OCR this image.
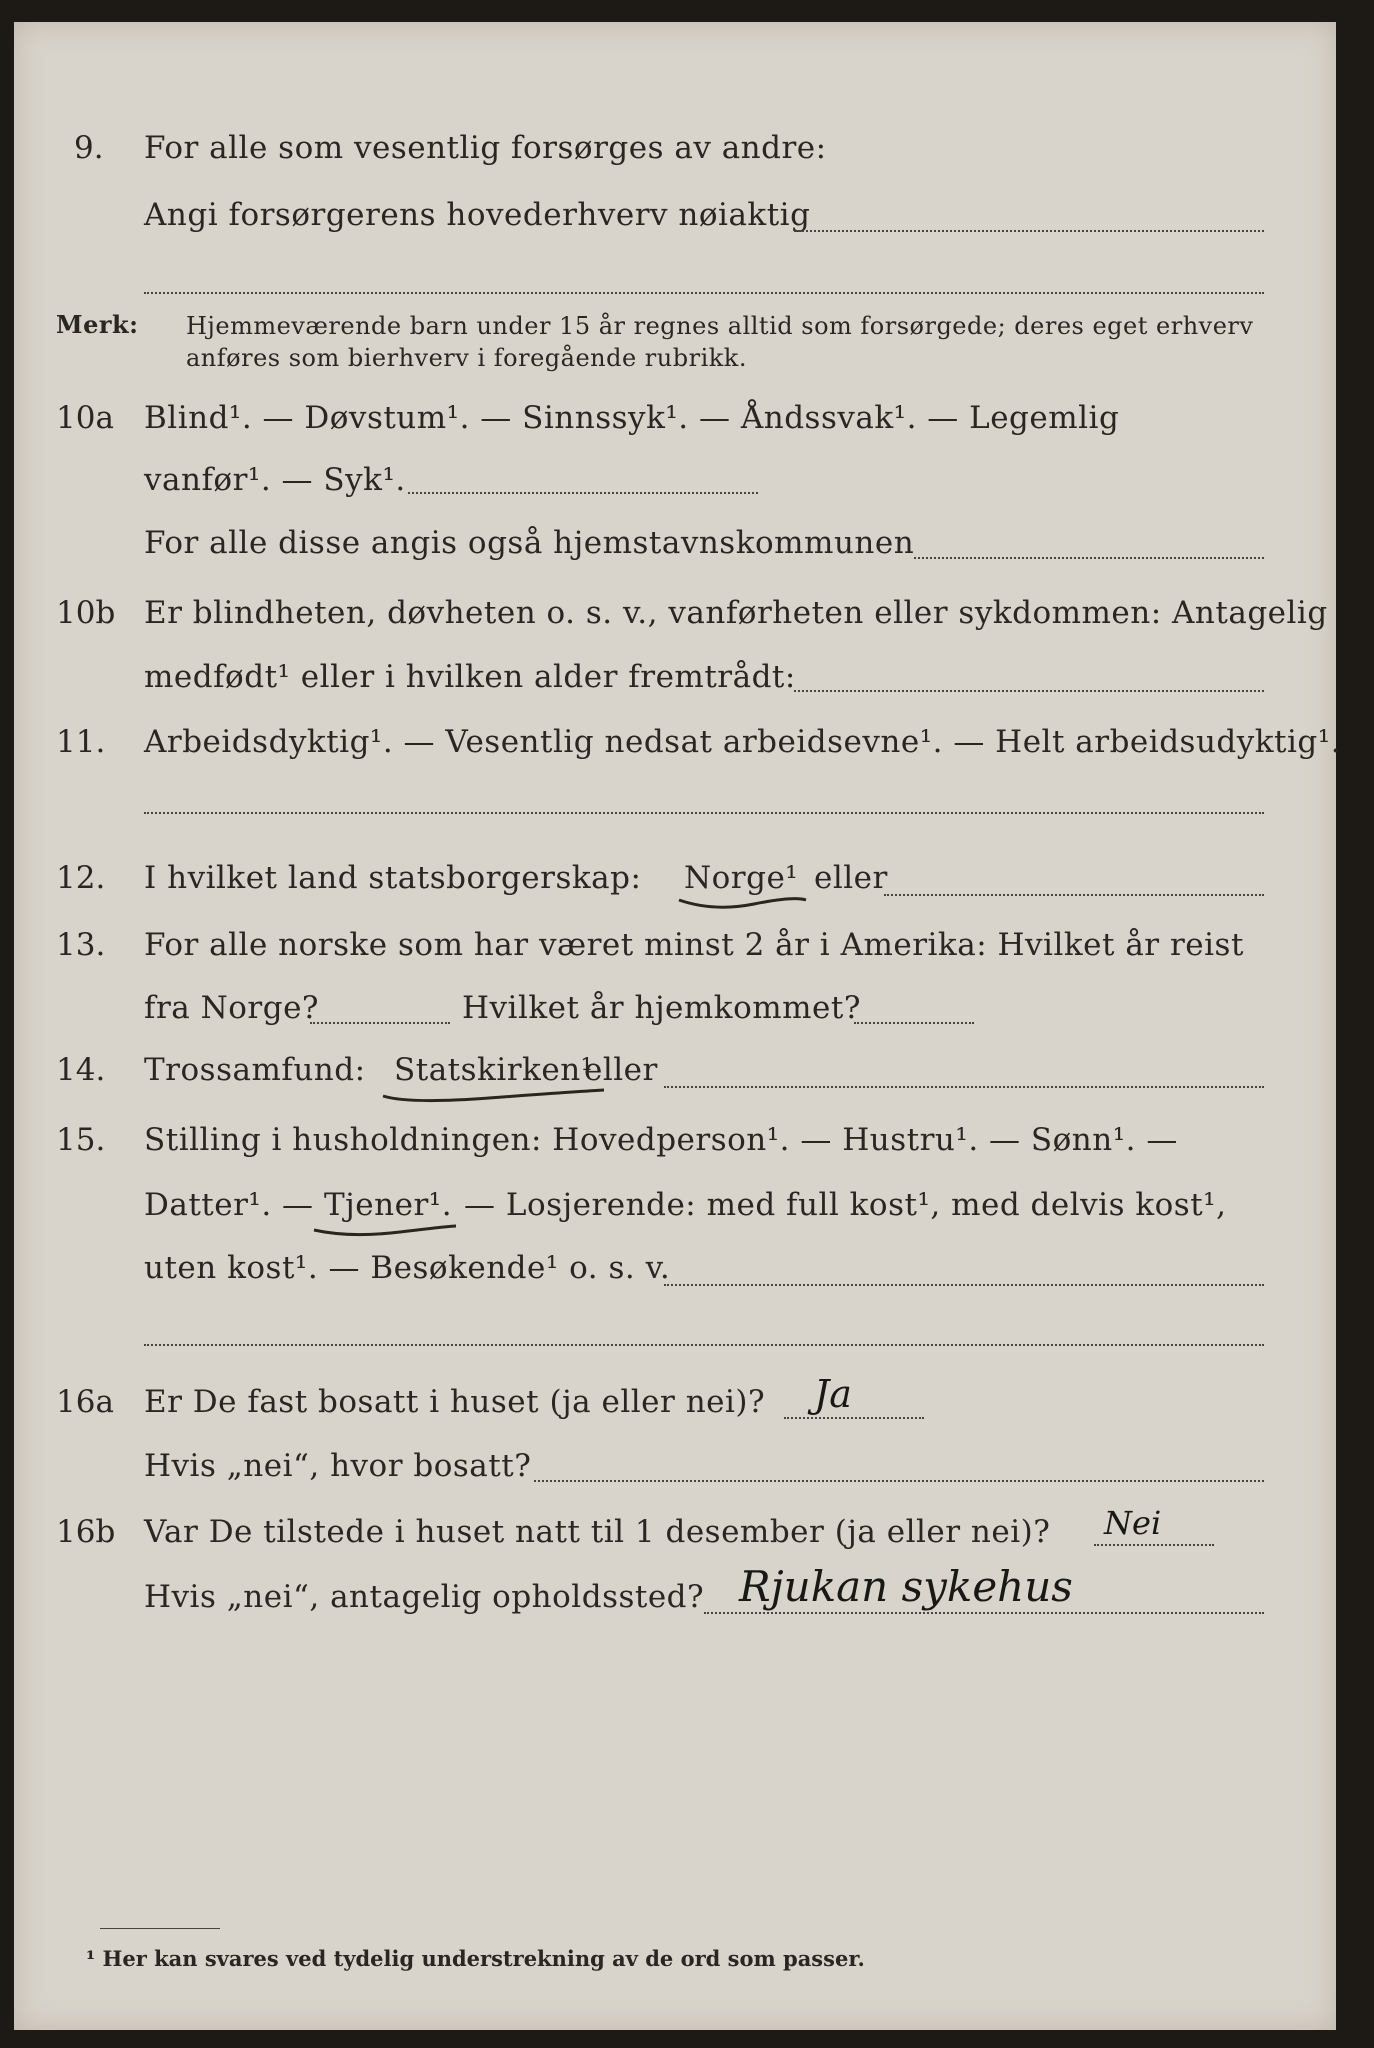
9. For alle som vesentlig forsørges av andre:
Angi forsørgerens hovederhverv nøiaktig
Merk: Hjemmeværende barn under 15 år regnes alltid som forsørgede; deres eget erhverv
anføres som bierhverv i foregående rubrikk.
10a Blind¹. — Døvstum¹. — Sinnssyk¹. — Åndssvak¹. — Legemlig
vanfør¹. — Syk¹.
For alle disse angis også hjemstavnskommunen
10b Er blindheten, døvheten o. s. v., vanførheten eller sykdommen: Antagelig
medfødt¹ eller i hvilken alder fremtrådt:
11. Arbeidsdyktig¹. — Vesentlig nedsat arbeidsevne¹. — Helt arbeidsudyktig¹.
12. I hvilket land statsborgerskap: Norge¹ eller
13. For alle norske som har været minst 2 år i Amerika: Hvilket år reist
fra Norge?	Hvilket år hjemkommet?
14. Trossamfund: Statskirken¹
eller
15. Stilling i husholdningen: Hovedperson¹. — Hustru¹. — Sønn¹. —
Datter¹. — Tjener¹. — Losjerende: med full kost¹, med delvis kost¹,
uten kost¹. — Besøkende¹ o. s. v.
16a Er De fast bosatt i huset (ja eller nei)? Ja
Hvis „nei“, hvor bosatt?
16b Var De tilstede i huset natt til 1 desember (ja eller nei)? Nei
Hvis „nei“, antagelig opholdssted? Rjukan sykehus
¹ Her kan svares ved tydelig understrekning av de ord som passer.
